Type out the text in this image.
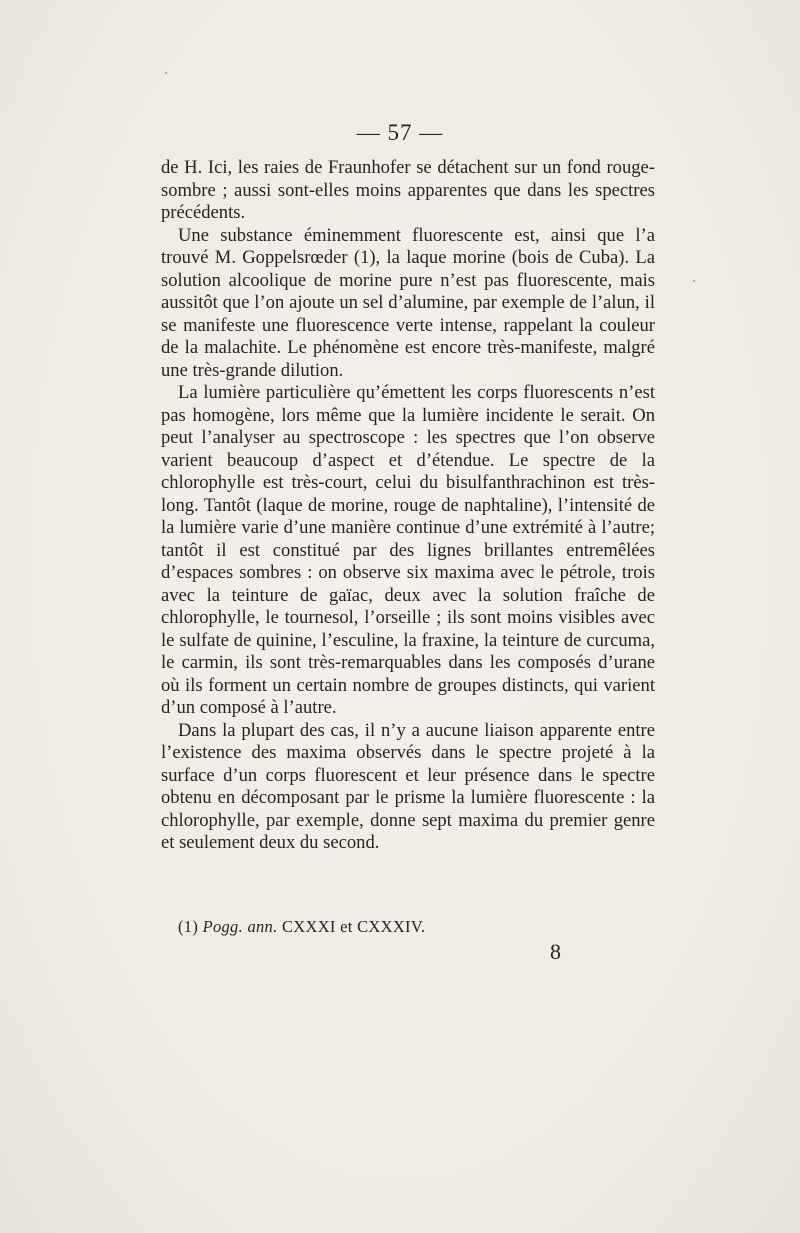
— 57 —

de H. Ici, les raies de Fraunhofer se détachent sur un fond rouge-sombre ; aussi sont-elles moins apparentes que dans les spectres précédents.

Une substance éminemment fluorescente est, ainsi que l’a trouvé M. Goppelsrœder (1), la laque morine (bois de Cuba). La solution alcoolique de morine pure n’est pas fluorescente, mais aussitôt que l’on ajoute un sel d’alumine, par exemple de l’alun, il se manifeste une fluorescence verte intense, rappelant la couleur de la malachite. Le phénomène est encore très-manifeste, malgré une très-grande dilution.

La lumière particulière qu’émettent les corps fluorescents n’est pas homogène, lors même que la lumière incidente le serait. On peut l’analyser au spectroscope : les spectres que l’on observe varient beaucoup d’aspect et d’étendue. Le spectre de la chlorophylle est très-court, celui du bisulfanthrachinon est très-long. Tantôt (laque de morine, rouge de naphtaline), l’intensité de la lumière varie d’une manière continue d’une extrémité à l’autre; tantôt il est constitué par des lignes brillantes entremêlées d’espaces sombres : on observe six maxima avec le pétrole, trois avec la teinture de gaïac, deux avec la solution fraîche de chlorophylle, le tournesol, l’orseille ; ils sont moins visibles avec le sulfate de quinine, l’esculine, la fraxine, la teinture de curcuma, le carmin, ils sont très-remarquables dans les composés d’urane où ils forment un certain nombre de groupes distincts, qui varient d’un composé à l’autre.

Dans la plupart des cas, il n’y a aucune liaison apparente entre l’existence des maxima observés dans le spectre projeté à la surface d’un corps fluorescent et leur présence dans le spectre obtenu en décomposant par le prisme la lumière fluorescente : la chlorophylle, par exemple, donne sept maxima du premier genre et seulement deux du second.

(1) Pogg. ann. CXXXI et CXXXIV.
8
